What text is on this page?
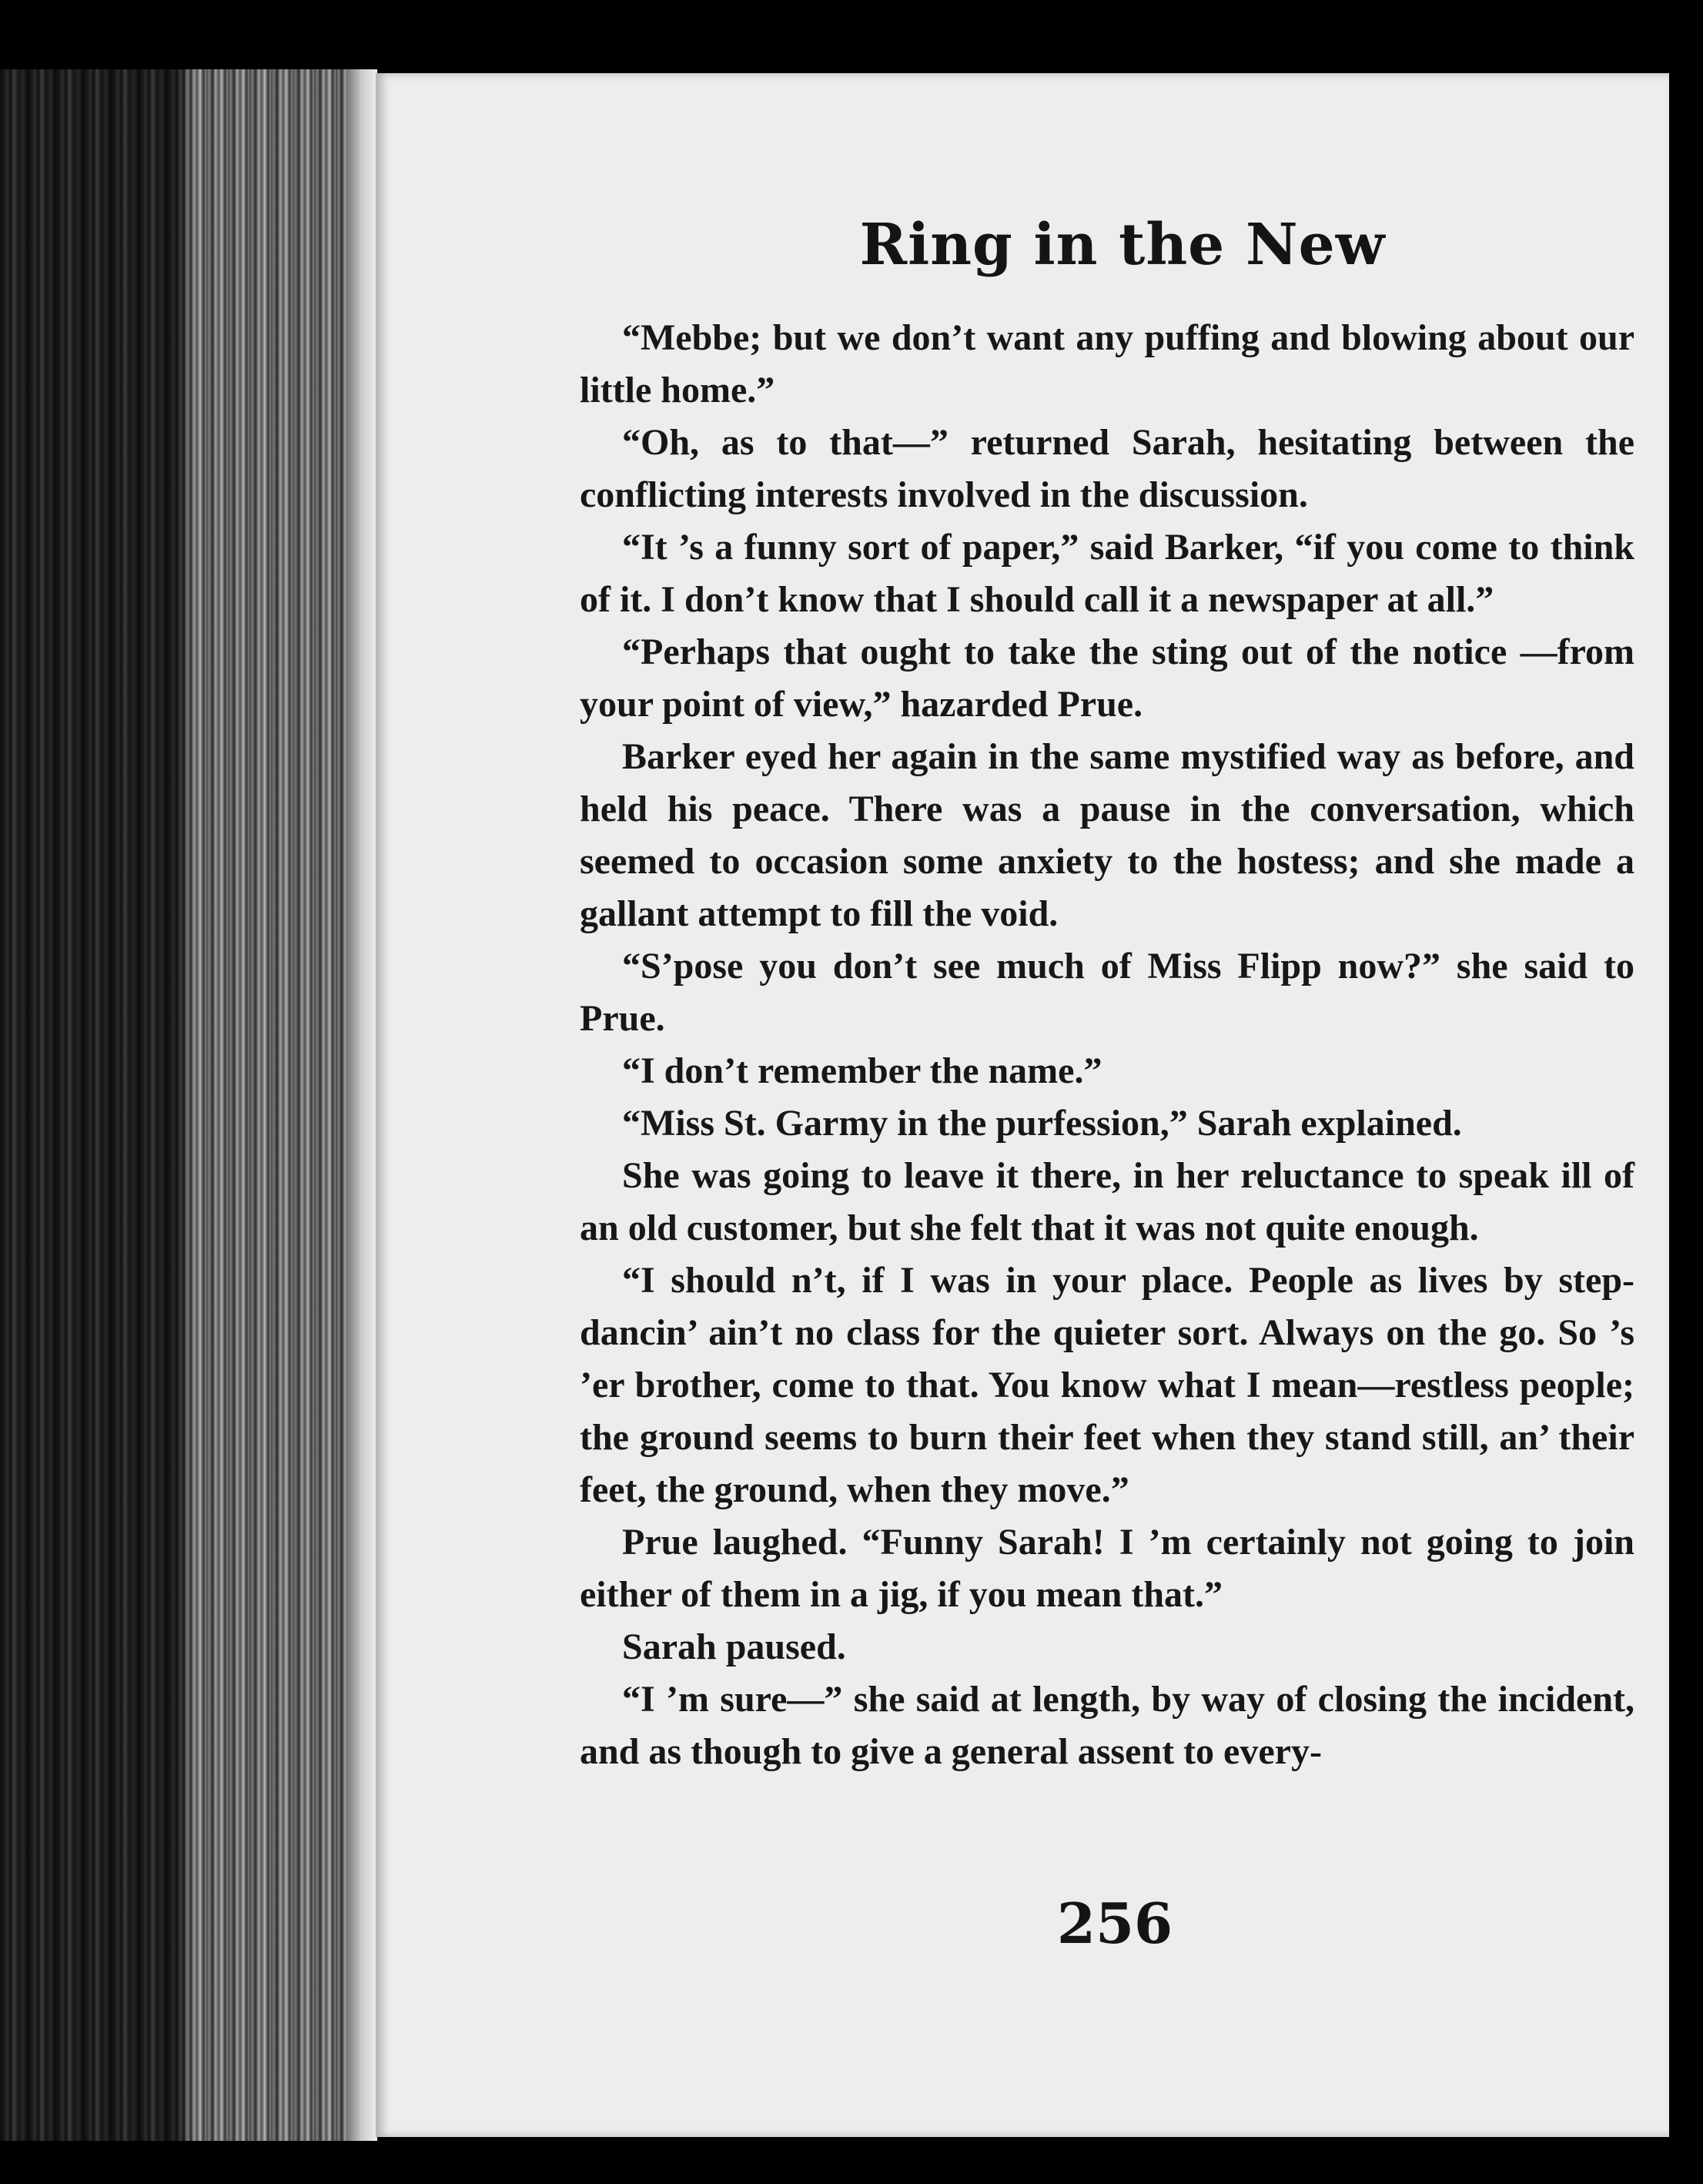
Ring in the New

“Mebbe; but we don’t want any puffing and blowing about our little home.”

“Oh, as to that—” returned Sarah, hesitating between the conflicting interests involved in the discussion.

“It ’s a funny sort of paper,” said Barker, “if you come to think of it. I don’t know that I should call it a newspaper at all.”

“Perhaps that ought to take the sting out of the notice —from your point of view,” hazarded Prue.

Barker eyed her again in the same mystified way as before, and held his peace. There was a pause in the conversation, which seemed to occasion some anxiety to the hostess; and she made a gallant attempt to fill the void.

“S’pose you don’t see much of Miss Flipp now?” she said to Prue.

“I don’t remember the name.”

“Miss St. Garmy in the purfession,” Sarah explained.

She was going to leave it there, in her reluctance to speak ill of an old customer, but she felt that it was not quite enough.

“I should n’t, if I was in your place. People as lives by step-dancin’ ain’t no class for the quieter sort. Always on the go. So ’s ’er brother, come to that. You know what I mean—restless people; the ground seems to burn their feet when they stand still, an’ their feet, the ground, when they move.”

Prue laughed. “Funny Sarah! I ’m certainly not going to join either of them in a jig, if you mean that.”

Sarah paused.

“I ’m sure—” she said at length, by way of closing the incident, and as though to give a general assent to every-

256
